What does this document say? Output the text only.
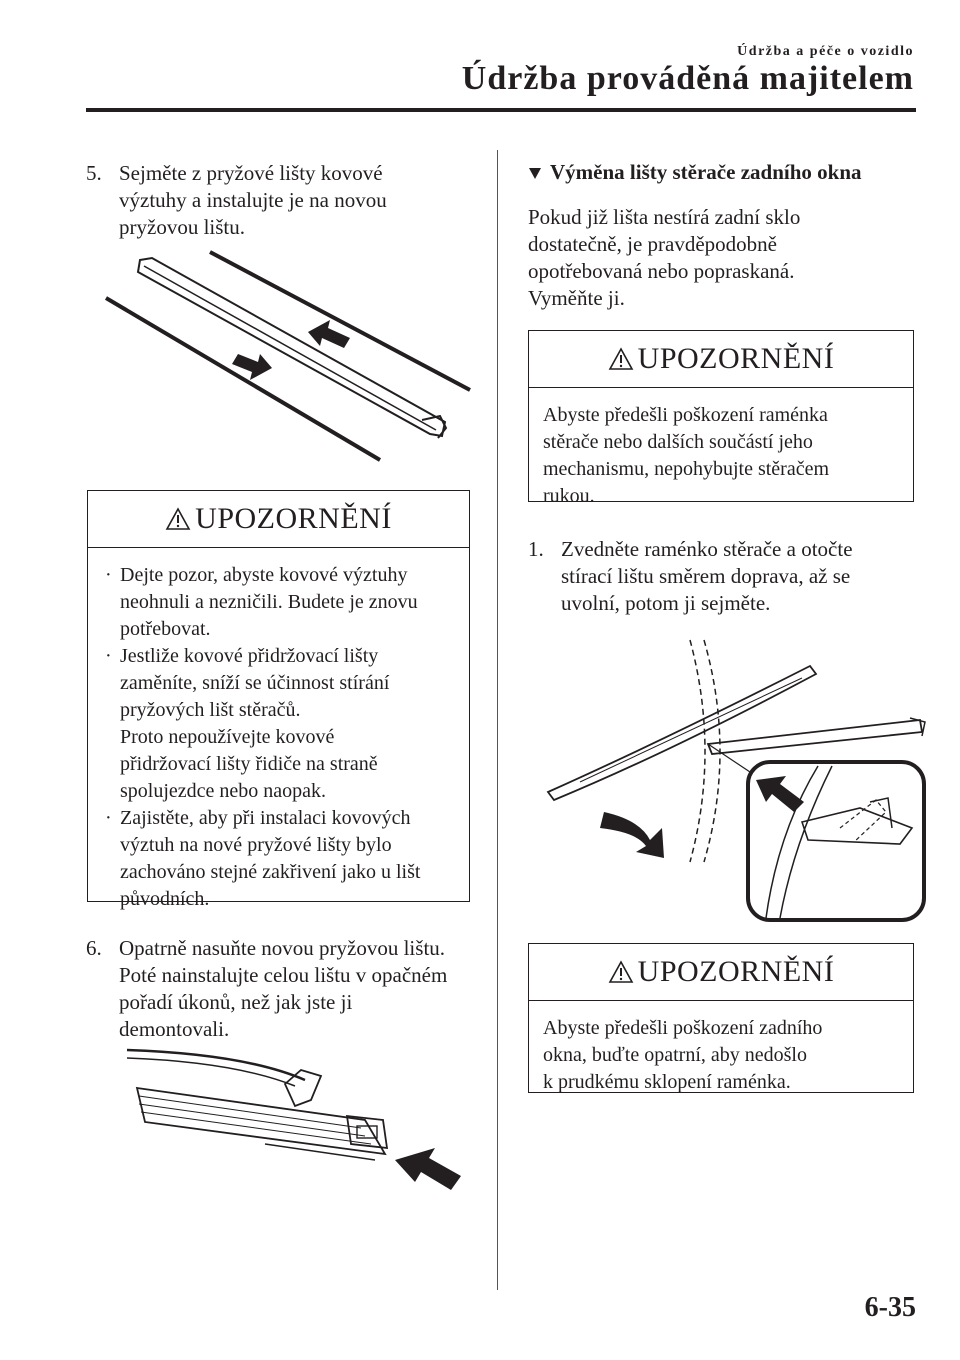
Údržba a péče o vozidlo
Údržba prováděná majitelem
5. Sejměte z pryžové lišty kovové
výztuhy a instalujte je na novou
pryžovou lištu.
UPOZORNĚNÍ
· Dejte pozor, abyste kovové výztuhy
neohnuli a nezničili. Budete je znovu
potřebovat.
· Jestliže kovové přidržovací lišty
zaměníte, sníží se účinnost stírání
pryžových lišt stěračů.
Proto nepoužívejte kovové
přidržovací lišty řidiče na straně
spolujezdce nebo naopak.
· Zajistěte, aby při instalaci kovových
výztuh na nové pryžové lišty bylo
zachováno stejné zakřivení jako u lišt
původních.
6. Opatrně nasuňte novou pryžovou lištu.
Poté nainstalujte celou lištu v opačném
pořadí úkonů, než jak jste ji
demontovali.
Výměna lišty stěrače zadního okna
Pokud již lišta nestírá zadní sklo
dostatečně, je pravděpodobně
opotřebovaná nebo popraskaná.
Vyměňte ji.
UPOZORNĚNÍ
Abyste předešli poškození raménka
stěrače nebo dalších součástí jeho
mechanismu, nepohybujte stěračem
rukou.
1. Zvedněte raménko stěrače a otočte
stírací lištu směrem doprava, až se
uvolní, potom ji sejměte.
UPOZORNĚNÍ
Abyste předešli poškození zadního
okna, buďte opatrní, aby nedošlo
k prudkému sklopení raménka.
6-35
